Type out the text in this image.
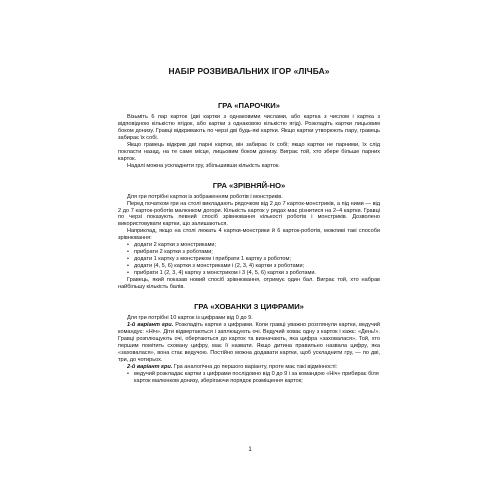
НАБІР РОЗВИВАЛЬНИХ ІГОР «ЛІЧБА»
ГРА «ПАРОЧКИ»

Візьміть 6 пар карток (дві картки з однаковими числами, або картка з числом і картка з відповідною кількістю ягідок, або картки з однаковою кількістю ягід). Розкладіть картки лицьовим боком донизу. Гравці відкривають по черзі дві будь-які картки. Якщо картки утворюють пару, гравець забирає їх собі.

Якщо гравець відкрив дві парні картки, він забирає їх собі; якщо картки не парними, їх слід покласти назад, на те саме місце, лицьовим боком донизу. Виграє той, хто збере більше парних карток.

Надалі можна ускладнити гру, збільшивши кількість карток.

ГРА «ЗРІВНЯЙ-НО»

Для гри потрібні картки із зображенням роботів і монстриків.

Перед початком гри на столі викладають рядочком від 2 до 7 карток-монстриків, а під ними — від 2 до 7 карток-роботів малюнком догори. Кількість карток у рядах має різнитися на 2–4 картки. Гравці по черзі показують певний спосіб зрівнювання кількості роботів і монстриків. Дозволено використовувати картки, що залишаються.

Наприклад, якщо на столі лежать 4 картки-монстрики й 6 карток-роботів, можливі такі способи зрівнювання:

• додати 2 картки з монстриками;
• прибрати 2 картки з роботами;
• додати 1 картку з монстриком і прибрати 1 картку з роботом;
• додати (4, 5, 6) картки з монстриками і (2, 3, 4) картки з роботами;
• прибрати 1 (2, 3, 4) картку з монстриком і 3 (4, 5, 6) картки з роботами.

Гравець, який показав новий спосіб зрівнювання, отримує один бал. Виграє той, хто набрав найбільшу кількість балів.

ГРА «ХОВАНКИ З ЦИФРАМИ»

Для гри потрібні 10 карток із цифрами від 0 до 9.

1-й варіант гри. Розкладіть картки з цифрами. Коли гравці уважно розглянули картки, ведучий командує: «Ніч». Діти відвертаються і заплющують очі. Ведучий ховає одну з карток і кажє: «День!». Гравці розплющують очі, обертаються до карток та визначають, яка цифра «заховалася». Той, хто першим помітить сховану цифру, має її назвати. Якщо дитина правильно назвала цифру, яка «заховалася», вона стає ведучою. Постійно можна додавати картки, щоб ускладнити гру, — по дві, три, до чотирьох.

2-й варіант гри. Гра аналогічна до першого варіанту, проте має такі відмінності:

• ведучий розкладає картки з цифрами послідовно від 0 до 9 і за командою «Ніч» прибирає біля карток малюнком донизу, зберігаючи порядок розміщення карток;
1
